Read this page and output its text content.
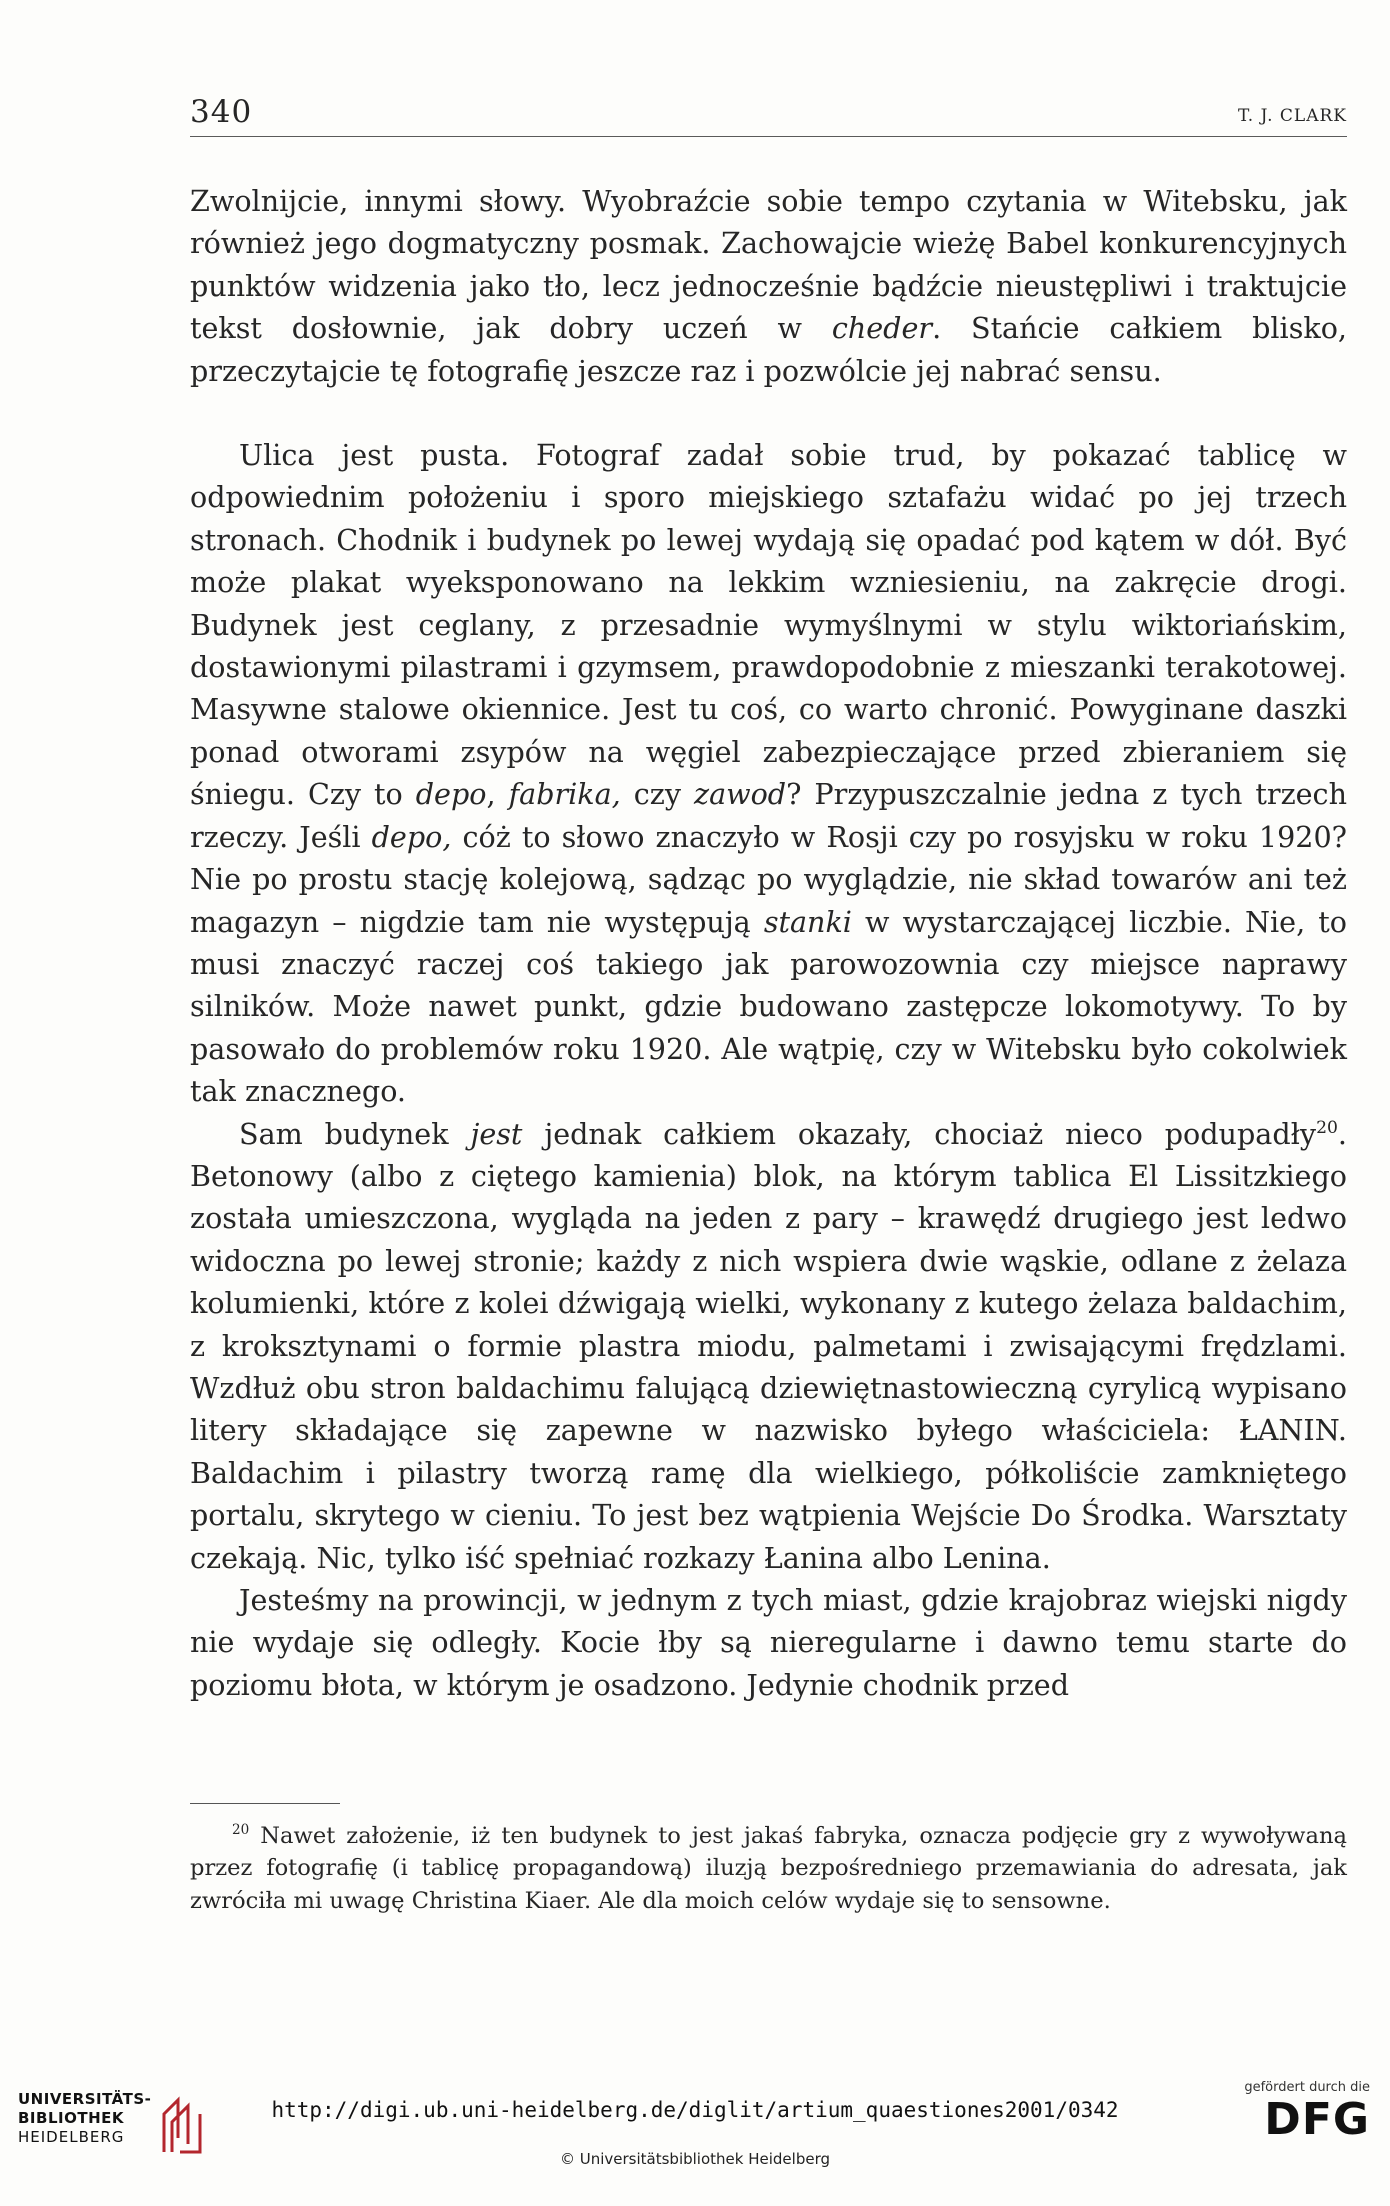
340	T. J. CLARK

Zwolnijcie, innymi słowy. Wyobraźcie sobie tempo czytania w Witebsku, jak również jego dogmatyczny posmak. Zachowajcie wieżę Babel konkurencyjnych punktów widzenia jako tło, lecz jednocześnie bądźcie nieustępliwi i traktujcie tekst dosłownie, jak dobry uczeń w cheder. Stańcie całkiem blisko, przeczytajcie tę fotografię jeszcze raz i pozwólcie jej nabrać sensu.

Ulica jest pusta. Fotograf zadał sobie trud, by pokazać tablicę w odpowiednim położeniu i sporo miejskiego sztafażu widać po jej trzech stronach. Chodnik i budynek po lewej wydają się opadać pod kątem w dół. Być może plakat wyeksponowano na lekkim wzniesieniu, na zakręcie drogi. Budynek jest ceglany, z przesadnie wymyślnymi w stylu wiktoriańskim, dostawionymi pilastrami i gzymsem, prawdopodobnie z mieszanki terakotowej. Masywne stalowe okiennice. Jest tu coś, co warto chronić. Powyginane daszki ponad otworami zsypów na węgiel zabezpieczające przed zbieraniem się śniegu. Czy to depo, fabrika, czy zawod? Przypuszczalnie jedna z tych trzech rzeczy. Jeśli depo, cóż to słowo znaczyło w Rosji czy po rosyjsku w roku 1920? Nie po prostu stację kolejową, sądząc po wyglądzie, nie skład towarów ani też magazyn – nigdzie tam nie występują stanki w wystarczającej liczbie. Nie, to musi znaczyć raczej coś takiego jak parowozownia czy miejsce naprawy silników. Może nawet punkt, gdzie budowano zastępcze lokomotywy. To by pasowało do problemów roku 1920. Ale wątpię, czy w Witebsku było cokolwiek tak znacznego.

Sam budynek jest jednak całkiem okazały, chociaż nieco podupadły$^{20}$. Betonowy (albo z ciętego kamienia) blok, na którym tablica El Lissitzkiego została umieszczona, wygląda na jeden z pary – krawędź drugiego jest ledwo widoczna po lewej stronie; każdy z nich wspiera dwie wąskie, odlane z żelaza kolumienki, które z kolei dźwigają wielki, wykonany z kutego żelaza baldachim, z kroksztynami o formie plastra miodu, palmetami i zwisającymi frędzlami. Wzdłuż obu stron baldachimu falującą dziewiętnastowieczną cyrylicą wypisano litery składające się zapewne w nazwisko byłego właściciela: ŁANIN. Baldachim i pilastry tworzą ramę dla wielkiego, półkoliście zamkniętego portalu, skrytego w cieniu. To jest bez wątpienia Wejście Do Środka. Warsztaty czekają. Nic, tylko iść spełniać rozkazy Łanina albo Lenina.

Jesteśmy na prowincji, w jednym z tych miast, gdzie krajobraz wiejski nigdy nie wydaje się odległy. Kocie łby są nieregularne i dawno temu starte do poziomu błota, w którym je osadzono. Jedynie chodnik przed

$^{20}$ Nawet założenie, iż ten budynek to jest jakaś fabryka, oznacza podjęcie gry z wywoływaną przez fotografię (i tablicę propagandową) iluzją bezpośredniego przemawiania do adresata, jak zwróciła mi uwagę Christina Kiaer. Ale dla moich celów wydaje się to sensowne.

UNIVERSITÄTS-
BIBLIOTHEK
HEIDELBERG
http://digi.ub.uni-heidelberg.de/diglit/artium_quaestiones2001/0342
© Universitätsbibliothek Heidelberg
gefördert durch die
DFG
